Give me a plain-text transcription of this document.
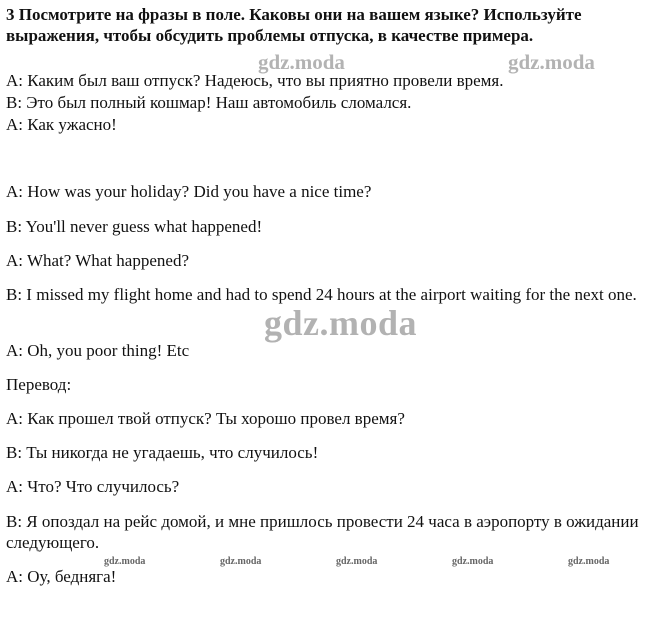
3 Посмотрите на фразы в поле. Каковы они на вашем языке? Используйте выражения, чтобы обсудить проблемы отпуска, в качестве примера.
A: Каким был ваш отпуск? Надеюсь, что вы приятно провели время.
B: Это был полный кошмар! Наш автомобиль сломался.
A: Как ужасно!
A: How was your holiday? Did you have a nice time?
B: You'll never guess what happened!
A: What? What happened?
B: I missed my flight home and had to spend 24 hours at the airport waiting for the next one.
A: Oh, you poor thing! Etc
Перевод:
A: Как прошел твой отпуск? Ты хорошо провел время?
B: Ты никогда не угадаешь, что случилось!
A: Что? Что случилось?
B: Я опоздал на рейс домой, и мне пришлось провести 24 часа в аэропорту в ожидании следующего.
A: Оу, бедняга!
gdz.moda	gdz.moda
gdz.moda
gdz.moda	gdz.moda	gdz.moda	gdz.moda	gdz.moda
